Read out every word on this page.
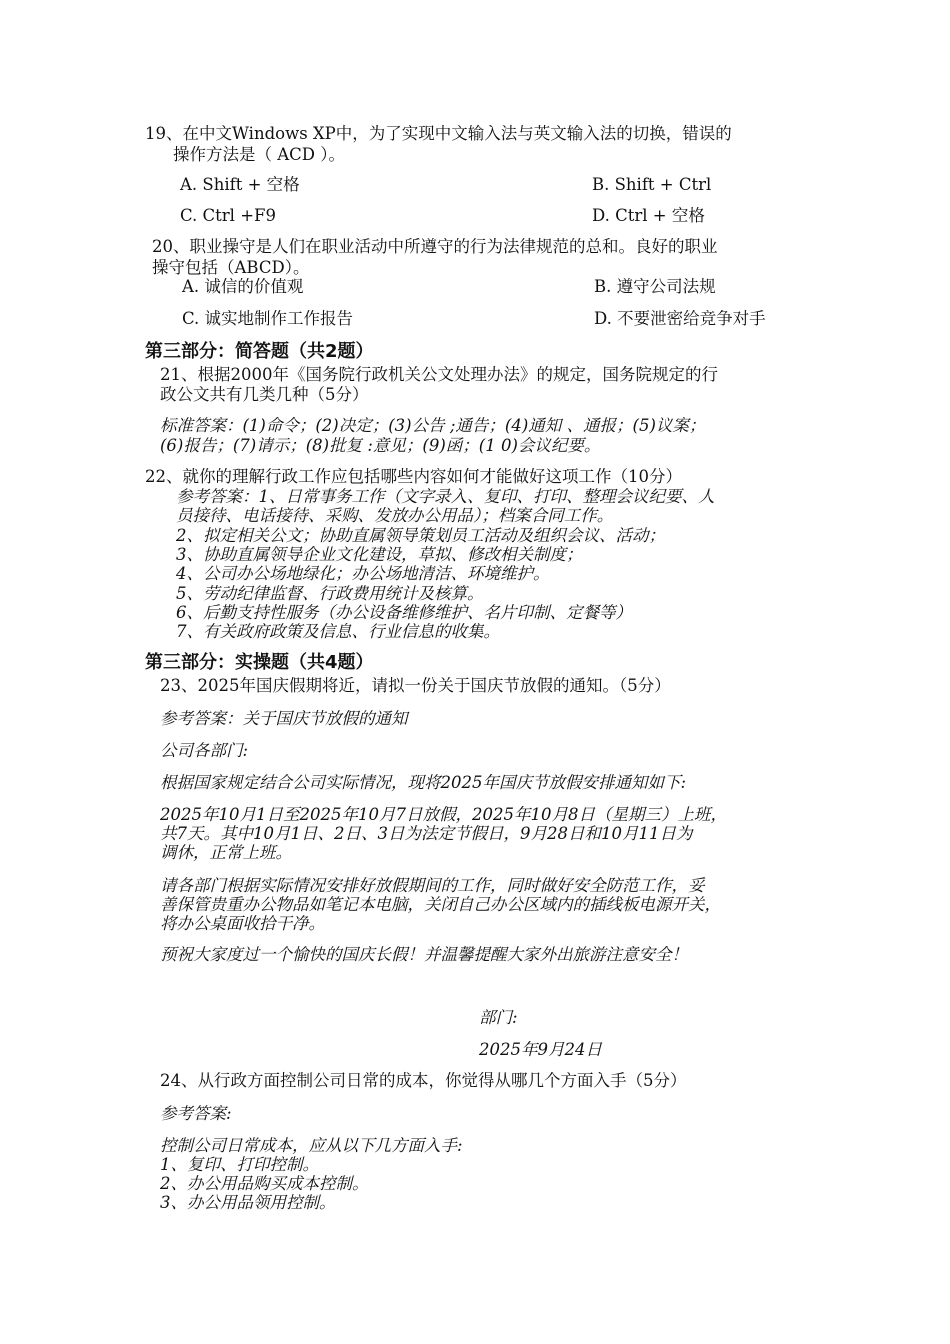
19、在中文Windows XP中，为了实现中文输入法与英文输入法的切换，错误的
操作方法是（ ACD ）。
A. Shift + 空格	B. Shift + Ctrl
C. Ctrl +F9	D. Ctrl + 空格
20、职业操守是人们在职业活动中所遵守的行为法律规范的总和。良好的职业
操守包括（ABCD）。
A. 诚信的价值观	B. 遵守公司法规
C. 诚实地制作工作报告	D. 不要泄密给竞争对手
第三部分：简答题（共2题）
21、根据2000年《国务院行政机关公文处理办法》的规定，国务院规定的行
政公文共有几类几种（5分）
标准答案：(1)命令；(2)决定；(3)公告 ;通告；(4)通知 、通报；(5)议案；
(6)报告；(7)请示；(8)批复 :意见；(9)函；(1 0)会议纪要。
22、就你的理解行政工作应包括哪些内容如何才能做好这项工作（10分）
参考答案：1、日常事务工作（文字录入、复印、打印、整理会议纪要、人
员接待、电话接待、采购、发放办公用品）；档案合同工作。
2、拟定相关公文；协助直属领导策划员工活动及组织会议、活动；
3、协助直属领导企业文化建设，草拟、修改相关制度；
4、公司办公场地绿化；办公场地清洁、环境维护。
5、劳动纪律监督、行政费用统计及核算。
6、后勤支持性服务（办公设备维修维护、名片印制、定餐等）
7、有关政府政策及信息、行业信息的收集。
第三部分：实操题（共4题）
23、2025年国庆假期将近，请拟一份关于国庆节放假的通知。（5分）
参考答案：关于国庆节放假的通知
公司各部门:
根据国家规定结合公司实际情况，现将2025年国庆节放假安排通知如下:
2025年10月1日至2025年10月7日放假，2025年10月8日（星期三）上班，
共7天。其中10月1日、2日、3日为法定节假日，9月28日和10月11日为
调休，正常上班。
请各部门根据实际情况安排好放假期间的工作，同时做好安全防范工作，妥
善保管贵重办公物品如笔记本电脑，关闭自己办公区域内的插线板电源开关，
将办公桌面收拾干净。
预祝大家度过一个愉快的国庆长假！并温馨提醒大家外出旅游注意安全！
部门:
2025年9月24日
24、从行政方面控制公司日常的成本，你觉得从哪几个方面入手（5分）
参考答案:
控制公司日常成本，应从以下几方面入手:
1、复印、打印控制。
2、办公用品购买成本控制。
3、办公用品领用控制。
